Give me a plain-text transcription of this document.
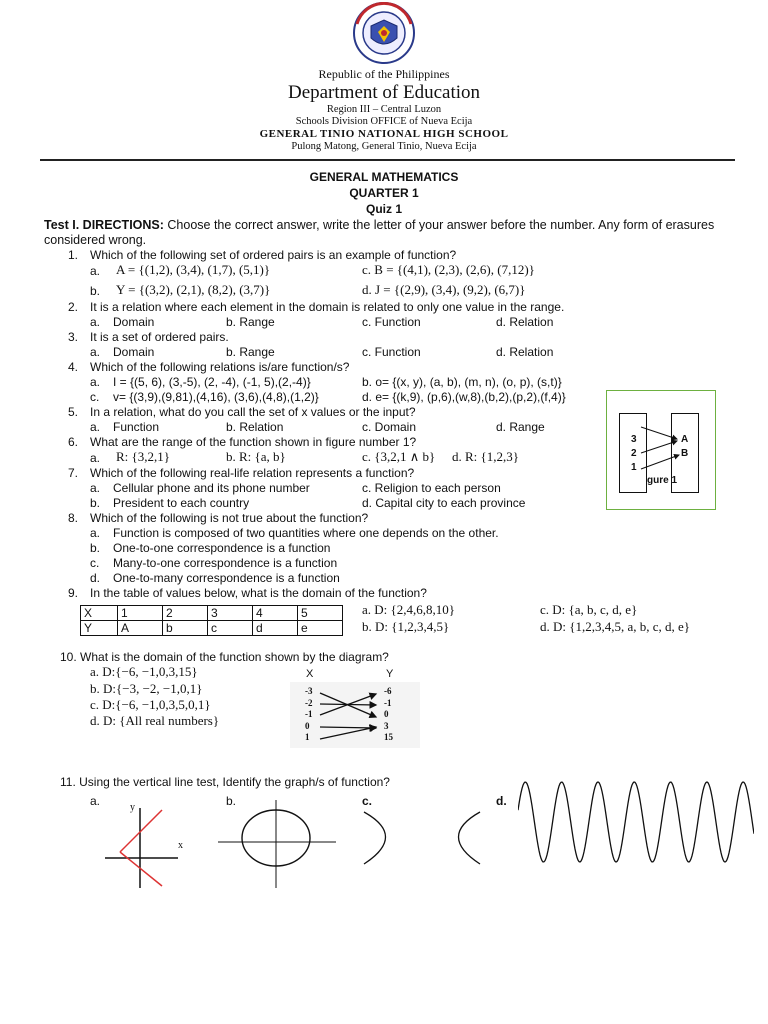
Republic of the Philippines
Department of Education
Region III – Central Luzon
Schools Division OFFICE of Nueva Ecija
GENERAL TINIO NATIONAL HIGH SCHOOL
Pulong Matong, General Tinio, Nueva Ecija
GENERAL MATHEMATICS
QUARTER 1
Quiz 1
Test I. DIRECTIONS: Choose the correct answer, write the letter of your answer before the number. Any form of erasures
considered wrong.
1. Which of the following set of ordered pairs is an example of function?
a. A = {(1,2), (3,4), (1,7), (5,1)}	c. B = {(4,1), (2,3), (2,6), (7,12)}
b. Y = {(3,2), (2,1), (8,2), (3,7)}	d. J = {(2,9), (3,4), (9,2), (6,7)}
2. It is a relation where each element in the domain is related to only one value in the range.
a. Domain	b. Range	c. Function	d. Relation
3. It is a set of ordered pairs.
a. Domain	b. Range	c. Function	d. Relation
4. Which of the following relations is/are function/s?
a. I = {(5, 6), (3,-5), (2, -4), (-1, 5),(2,-4)}	b. o= {(x, y), (a, b), (m, n), (o, p), (s,t)}
c. v= {(3,9),(9,81),(4,16), (3,6),(4,8),(1,2)}	d. e= {(k,9), (p,6),(w,8),(b,2),(p,2),(f,4)}
5. In a relation, what do you call the set of x values or the input?
a. Function	b. Relation	c. Domain	d. Range
6. What are the range of the function shown in figure number 1?
a. R: {3,2,1}	b. R: {a, b}	c. {3,2,1 ∧ b} d. R: {1,2,3}
7. Which of the following real-life relation represents a function?
a. Cellular phone and its phone number	c. Religion to each person
b. President to each country	d. Capital city to each province
8. Which of the following is not true about the function?
a. Function is composed of two quantities where one depends on the other.
b. One-to-one correspondence is a function
c. Many-to-one correspondence is a function
d. One-to-many correspondence is a function
9. In the table of values below, what is the domain of the function?
X	1	2	3	4	5
Y	A	b	c	d	e
a. D: {2,4,6,8,10}	c. D: {a, b, c, d, e}
b. D: {1,2,3,4,5}	d. D: {1,2,3,4,5, a, b, c, d, e}
10. What is the domain of the function shown by the diagram?
a. D:{−6, −1,0,3,15}
b. D:{−3, −2, −1,0,1}
c. D:{−6, −1,0,3,5,0,1}
d. D: {All real numbers}
X	Y
-3
-2
-1
0
1
-6
-1
0
3
15
11. Using the vertical line test, Identify the graph/s of function?
a.	b.	c.	d.
y
x
3
2
1
A
B
gure 1
